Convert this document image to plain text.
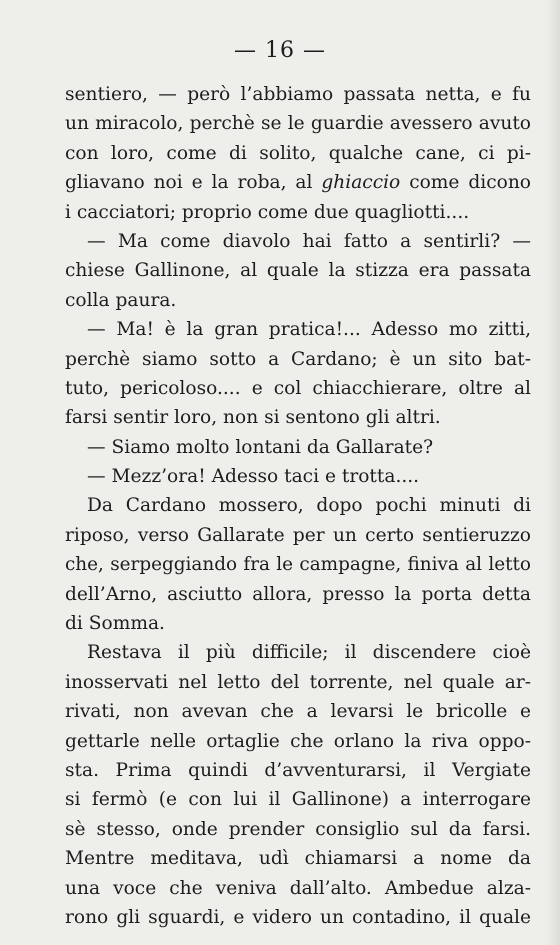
— 16 —
sentiero, — però l’abbiamo passata netta, e fu
un miracolo, perchè se le guardie avessero avuto
con loro, come di solito, qualche cane, ci pi-
gliavano noi e la roba, al ghiaccio come dicono
i cacciatori; proprio come due quagliotti....
— Ma come diavolo hai fatto a sentirli? —
chiese Gallinone, al quale la stizza era passata
colla paura.
— Ma! è la gran pratica!... Adesso mo zitti,
perchè siamo sotto a Cardano; è un sito bat-
tuto, pericoloso.... e col chiacchierare, oltre al
farsi sentir loro, non si sentono gli altri.
— Siamo molto lontani da Gallarate?
— Mezz’ora! Adesso taci e trotta....
Da Cardano mossero, dopo pochi minuti di
riposo, verso Gallarate per un certo sentieruzzo
che, serpeggiando fra le campagne, finiva al letto
dell’Arno, asciutto allora, presso la porta detta
di Somma.
Restava il più difficile; il discendere cioè
inosservati nel letto del torrente, nel quale ar-
rivati, non avevan che a levarsi le bricolle e
gettarle nelle ortaglie che orlano la riva oppo-
sta. Prima quindi d’avventurarsi, il Vergiate
si fermò (e con lui il Gallinone) a interrogare
sè stesso, onde prender consiglio sul da farsi.
Mentre meditava, udì chiamarsi a nome da
una voce che veniva dall’alto. Ambedue alza-
rono gli sguardi, e videro un contadino, il quale
